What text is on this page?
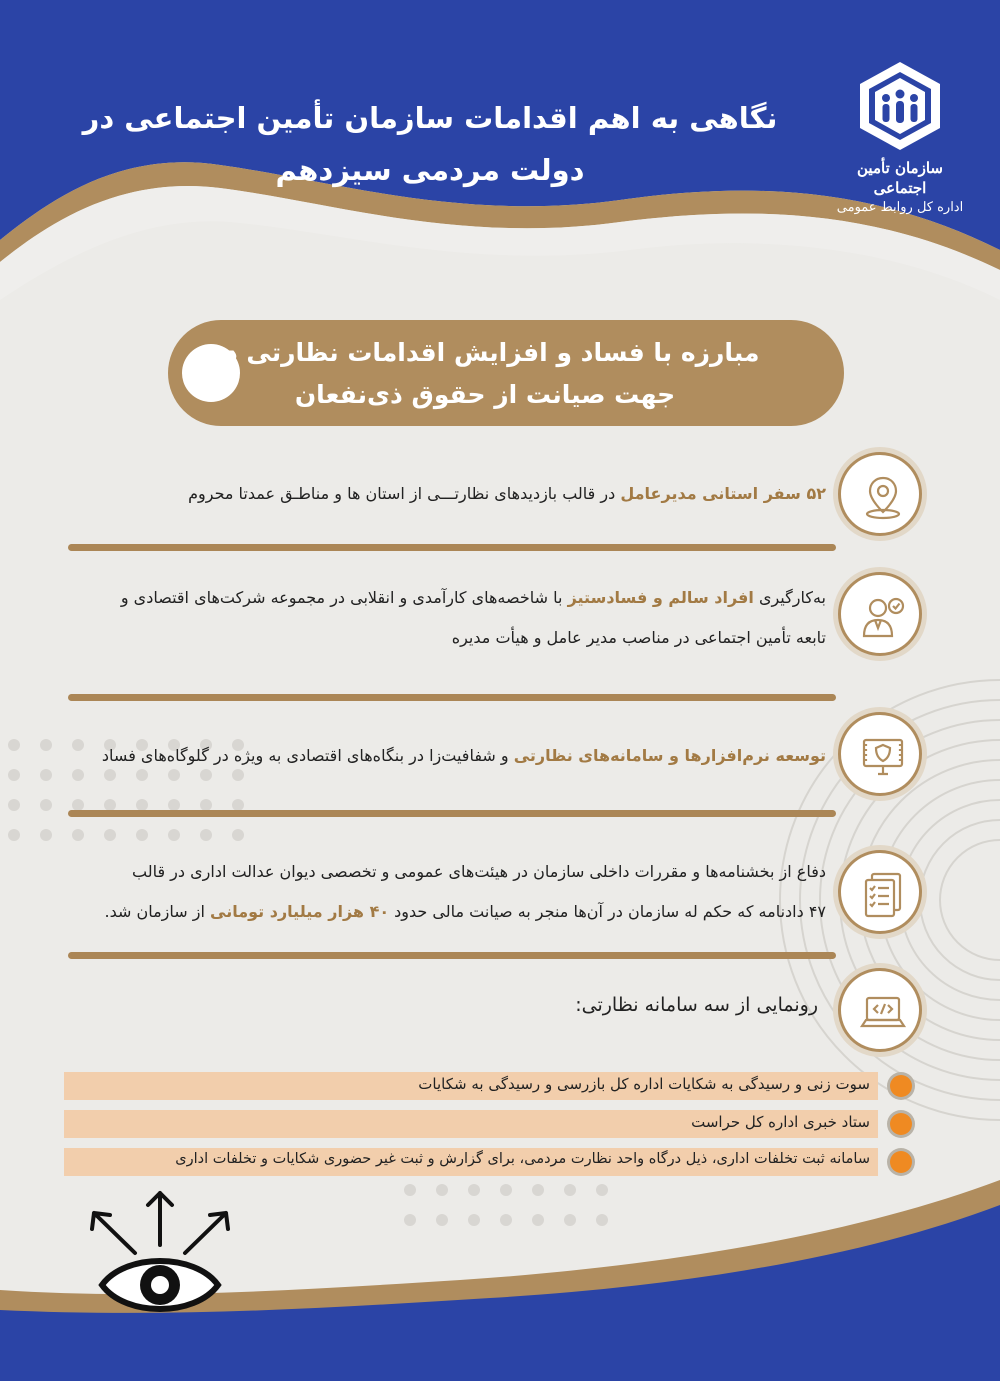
نگاهی به اهم اقدامات سازمان تأمین اجتماعی در
دولت مردمی سیزدهم	سازمان تأمین اجتماعی
اداره کل روابط عمومی
مبارزه با فساد و افزایش اقدامات نظارتی در
جهت صیانت از حقوق ذی‌نفعان
۵۲ سفر استانی مدیرعامل در قالب بازدیدهای نظارتـــی از استان ها و مناطـق عمدتا محروم
به‌کارگیری افراد سالم و فسادستیز با شاخصه‌های کارآمدی و انقلابی در مجموعه شرکت‌های اقتصادی و
تابعه تأمین اجتماعی در مناصب مدیر عامل و هیأت مدیره
توسعه نرم‌افزارها و سامانه‌های نظارتی و شفافیت‌زا در بنگاه‌های اقتصادی به ویژه در گلوگاه‌های فساد
دفاع از بخشنامه‌ها و مقررات داخلی سازمان در هیئت‌های عمومی و تخصصی دیوان عدالت اداری در قالب
۴۷ دادنامه که حکم له سازمان در آن‌ها منجر به صیانت مالی حدود ۴۰ هزار میلیارد تومانی از سازمان شد.
رونمایی از سه سامانه نظارتی:
سوت زنی و رسیدگی به شکایات اداره کل بازرسی و رسیدگی به شکایات
ستاد خبری اداره کل حراست
سامانه ثبت تخلفات اداری، ذیل درگاه واحد نظارت مردمی، برای گزارش و ثبت غیر حضوری شکایات و تخلفات اداری
